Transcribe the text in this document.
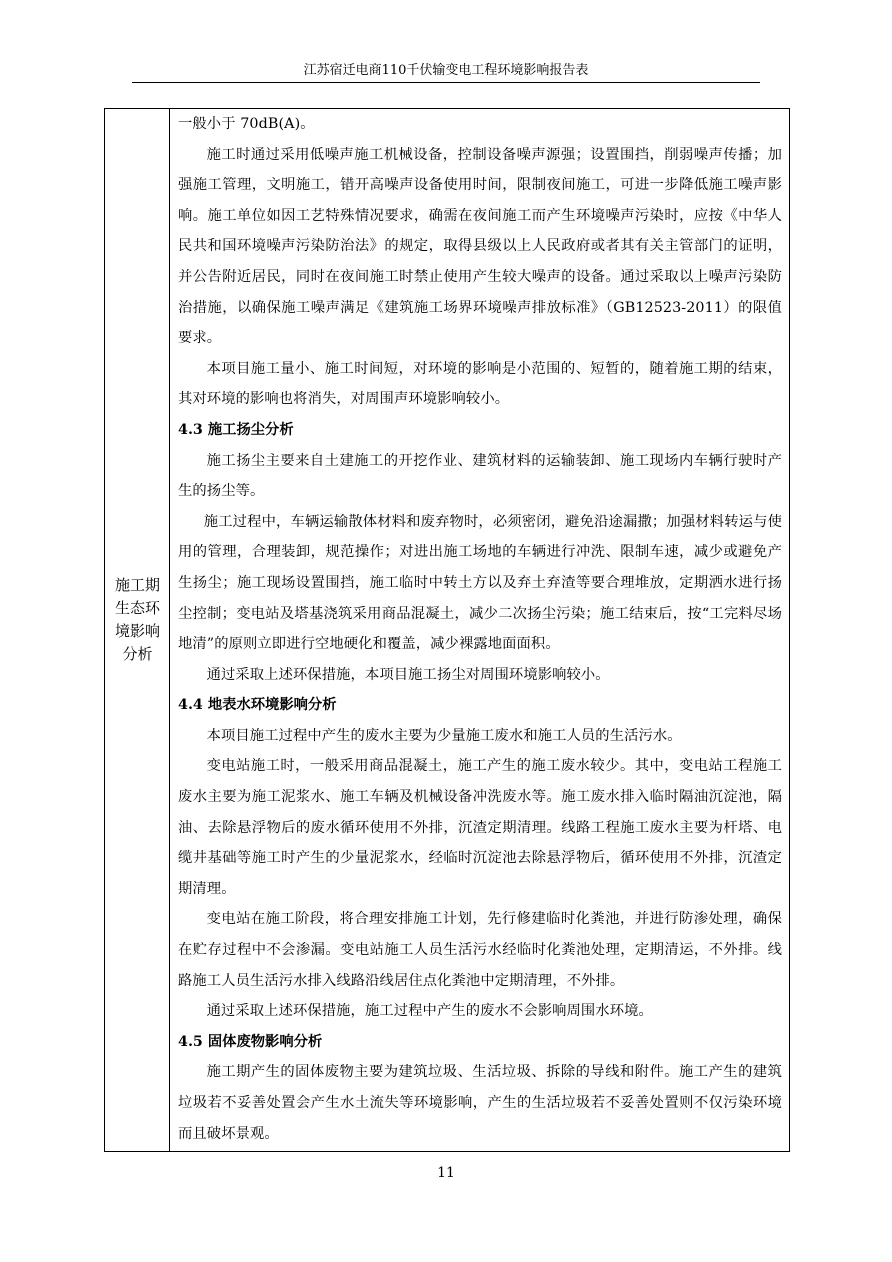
江苏宿迁电商110千伏输变电工程环境影响报告表
施工期生态环境影响分析

一般小于 70dB(A)。

施工时通过采用低噪声施工机械设备，控制设备噪声源强；设置围挡，削弱噪声传播；加强施工管理，文明施工，错开高噪声设备使用时间，限制夜间施工，可进一步降低施工噪声影响。施工单位如因工艺特殊情况要求，确需在夜间施工而产生环境噪声污染时，应按《中华人民共和国环境噪声污染防治法》的规定，取得县级以上人民政府或者其有关主管部门的证明，并公告附近居民，同时在夜间施工时禁止使用产生较大噪声的设备。通过采取以上噪声污染防治措施，以确保施工噪声满足《建筑施工场界环境噪声排放标准》（GB12523-2011）的限值要求。

本项目施工量小、施工时间短，对环境的影响是小范围的、短暂的，随着施工期的结束，其对环境的影响也将消失，对周围声环境影响较小。

4.3 施工扬尘分析

施工扬尘主要来自土建施工的开挖作业、建筑材料的运输装卸、施工现场内车辆行驶时产生的扬尘等。

施工过程中，车辆运输散体材料和废弃物时，必须密闭，避免沿途漏撒；加强材料转运与使用的管理，合理装卸，规范操作；对进出施工场地的车辆进行冲洗、限制车速，减少或避免产生扬尘；施工现场设置围挡，施工临时中转土方以及弃土弃渣等要合理堆放，定期洒水进行扬尘控制；变电站及塔基浇筑采用商品混凝土，减少二次扬尘污染；施工结束后，按“工完料尽场地清”的原则立即进行空地硬化和覆盖，减少裸露地面面积。

通过采取上述环保措施，本项目施工扬尘对周围环境影响较小。

4.4 地表水环境影响分析

本项目施工过程中产生的废水主要为少量施工废水和施工人员的生活污水。

变电站施工时，一般采用商品混凝土，施工产生的施工废水较少。其中，变电站工程施工废水主要为施工泥浆水、施工车辆及机械设备冲洗废水等。施工废水排入临时隔油沉淀池，隔油、去除悬浮物后的废水循环使用不外排，沉渣定期清理。线路工程施工废水主要为杆塔、电缆井基础等施工时产生的少量泥浆水，经临时沉淀池去除悬浮物后，循环使用不外排，沉渣定期清理。

变电站在施工阶段，将合理安排施工计划，先行修建临时化粪池，并进行防渗处理，确保在贮存过程中不会渗漏。变电站施工人员生活污水经临时化粪池处理，定期清运，不外排。线路施工人员生活污水排入线路沿线居住点化粪池中定期清理，不外排。

通过采取上述环保措施，施工过程中产生的废水不会影响周围水环境。

4.5 固体废物影响分析

施工期产生的固体废物主要为建筑垃圾、生活垃圾、拆除的导线和附件。施工产生的建筑垃圾若不妥善处置会产生水土流失等环境影响，产生的生活垃圾若不妥善处置则不仅污染环境而且破坏景观。

11
